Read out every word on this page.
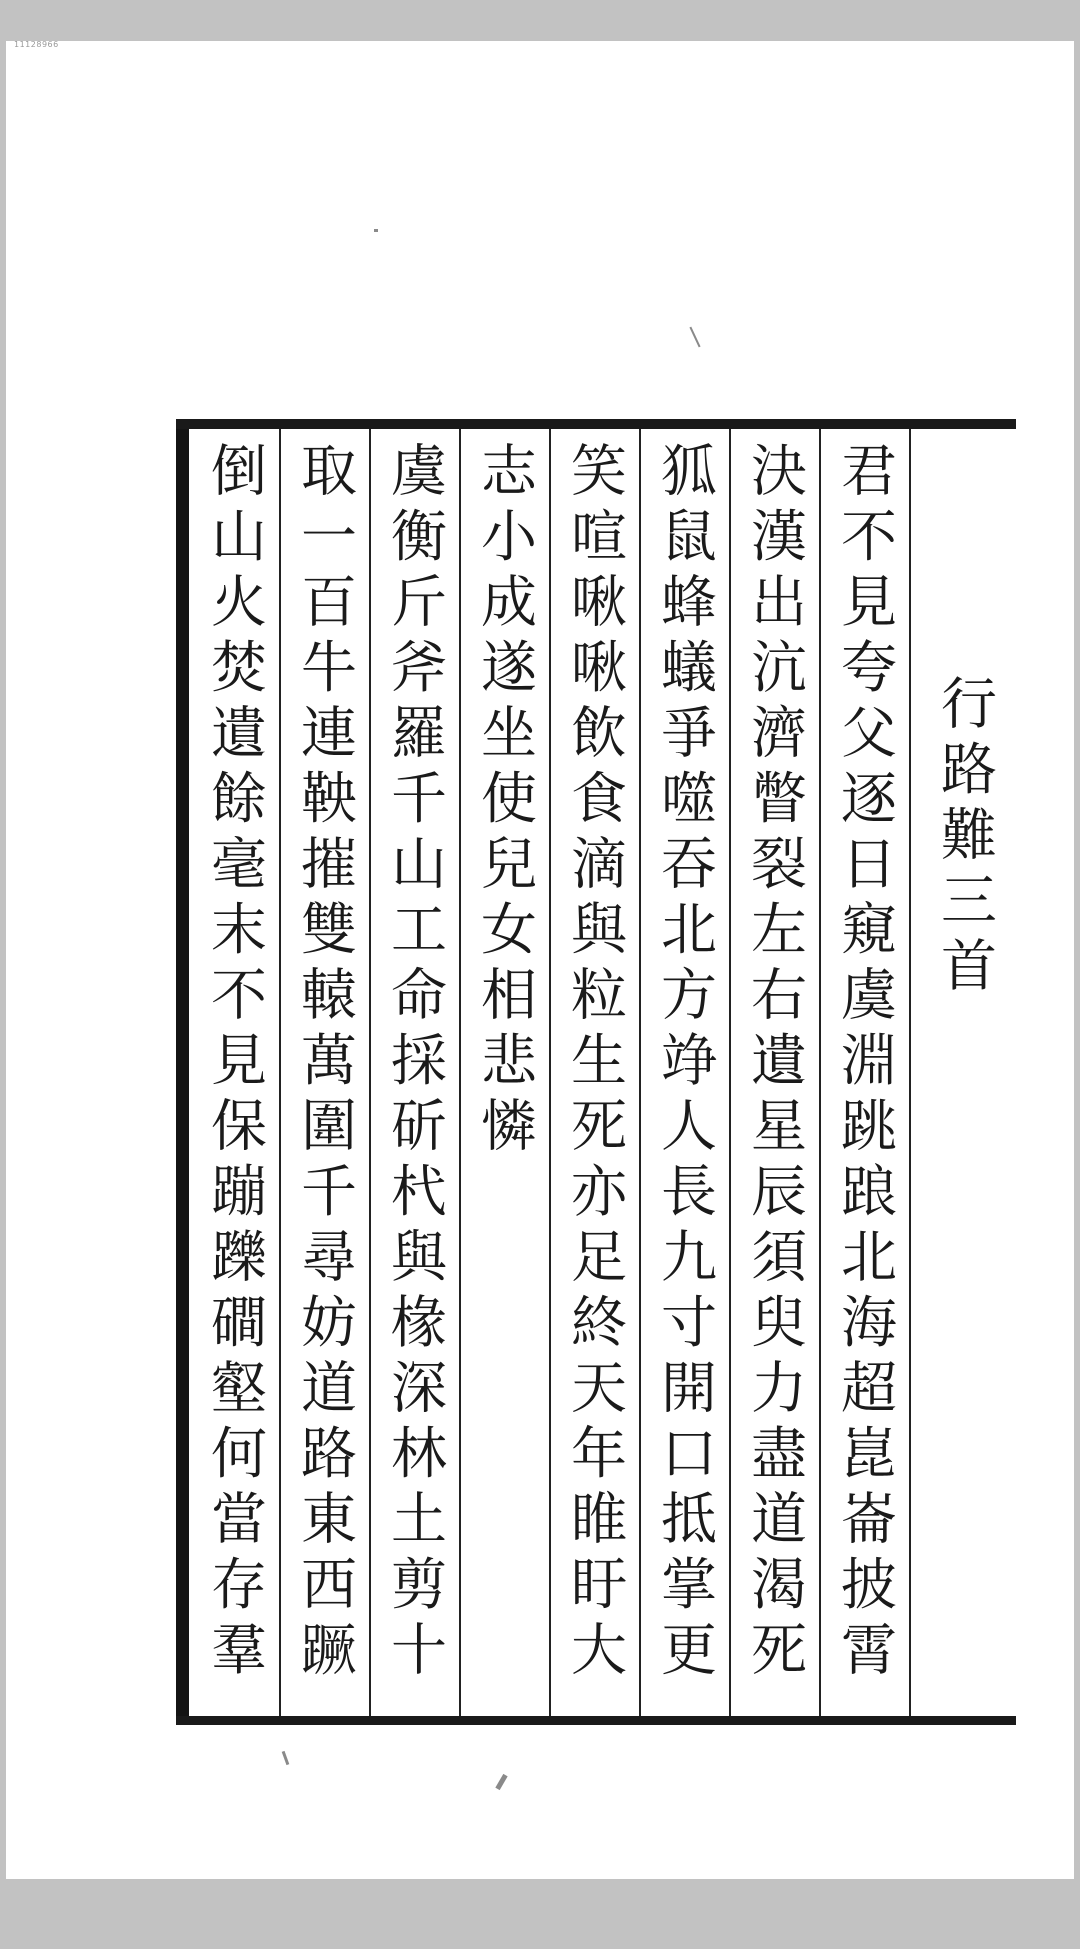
11128966
行路難三首
君不見夸父逐日窺虞淵跳踉北海超崑崙披霄
決漢出沆濟瞥裂左右遺星辰須臾力盡道渴死
狐鼠蜂蟻爭噬吞北方竫人長九寸開口抵掌更
笑喧啾啾飲食滴與粒生死亦足終天年睢盱大
志小成遂坐使兒女相悲憐
虞衡斤斧羅千山工命採斫杙與椽深林土剪十
取一百牛連鞅摧雙轅萬圍千尋妨道路東西蹶
倒山火焚遺餘毫末不見保蹦躒磵壑何當存羣
